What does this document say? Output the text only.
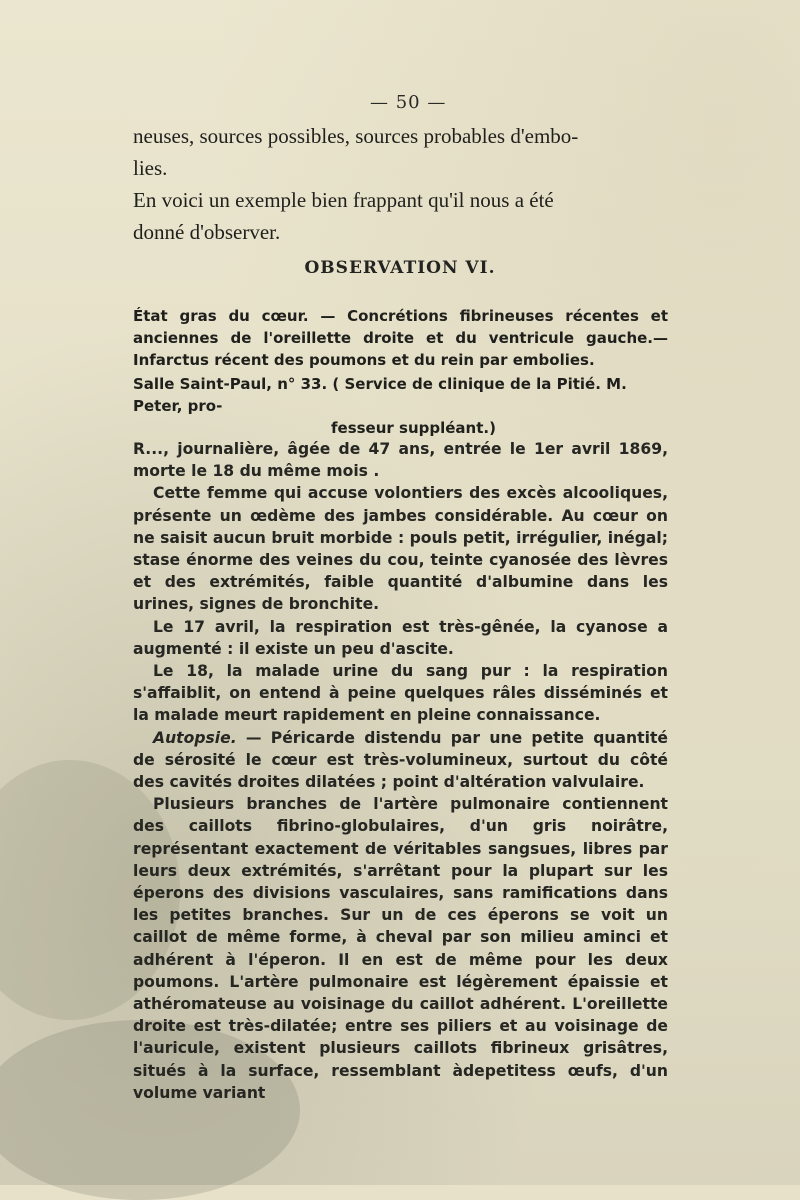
— 50 —

neuses, sources possibles, sources probables d'embo-

lies.

En voici un exemple bien frappant qu'il nous a été

donné d'observer.

OBSERVATION VI.

État gras du cœur. — Concrétions fibrineuses récentes et anciennes de l'oreillette droite et du ventricule gauche.—Infarctus récent des poumons et du rein par embolies.

Salle Saint-Paul, n° 33. ( Service de clinique de la Pitié. M. Peter, pro-
fesseur suppléant.)

R..., journalière, âgée de 47 ans, entrée le 1er avril 1869, morte le 18 du même mois .

Cette femme qui accuse volontiers des excès alcooliques, présente un œdème des jambes considérable. Au cœur on ne saisit aucun bruit morbide : pouls petit, irrégulier, inégal; stase énorme des veines du cou, teinte cyanosée des lèvres et des extrémités, faible quantité d'albumine dans les urines, signes de bronchite.

Le 17 avril, la respiration est très-gênée, la cyanose a augmenté : il existe un peu d'ascite.

Le 18, la malade urine du sang pur : la respiration s'affaiblit, on entend à peine quelques râles disséminés et la malade meurt rapidement en pleine connaissance.

Autopsie. — Péricarde distendu par une petite quantité de sérosité le cœur est très-volumineux, surtout du côté des cavités droites dilatées ; point d'altération valvulaire.

Plusieurs branches de l'artère pulmonaire contiennent des caillots fibrino-globulaires, d'un gris noirâtre, représentant exactement de véritables sangsues, libres par leurs deux extrémités, s'arrêtant pour la plupart sur les éperons des divisions vasculaires, sans ramifications dans les petites branches. Sur un de ces éperons se voit un caillot de même forme, à cheval par son milieu aminci et adhérent à l'éperon. Il en est de même pour les deux poumons. L'artère pulmonaire est légèrement épaissie et athéromateuse au voisinage du caillot adhérent. L'oreillette droite est très-dilatée; entre ses piliers et au voisinage de l'auricule, existent plusieurs caillots fibrineux grisâtres, situés à la surface, ressemblant àdepetitess œufs, d'un volume variant
